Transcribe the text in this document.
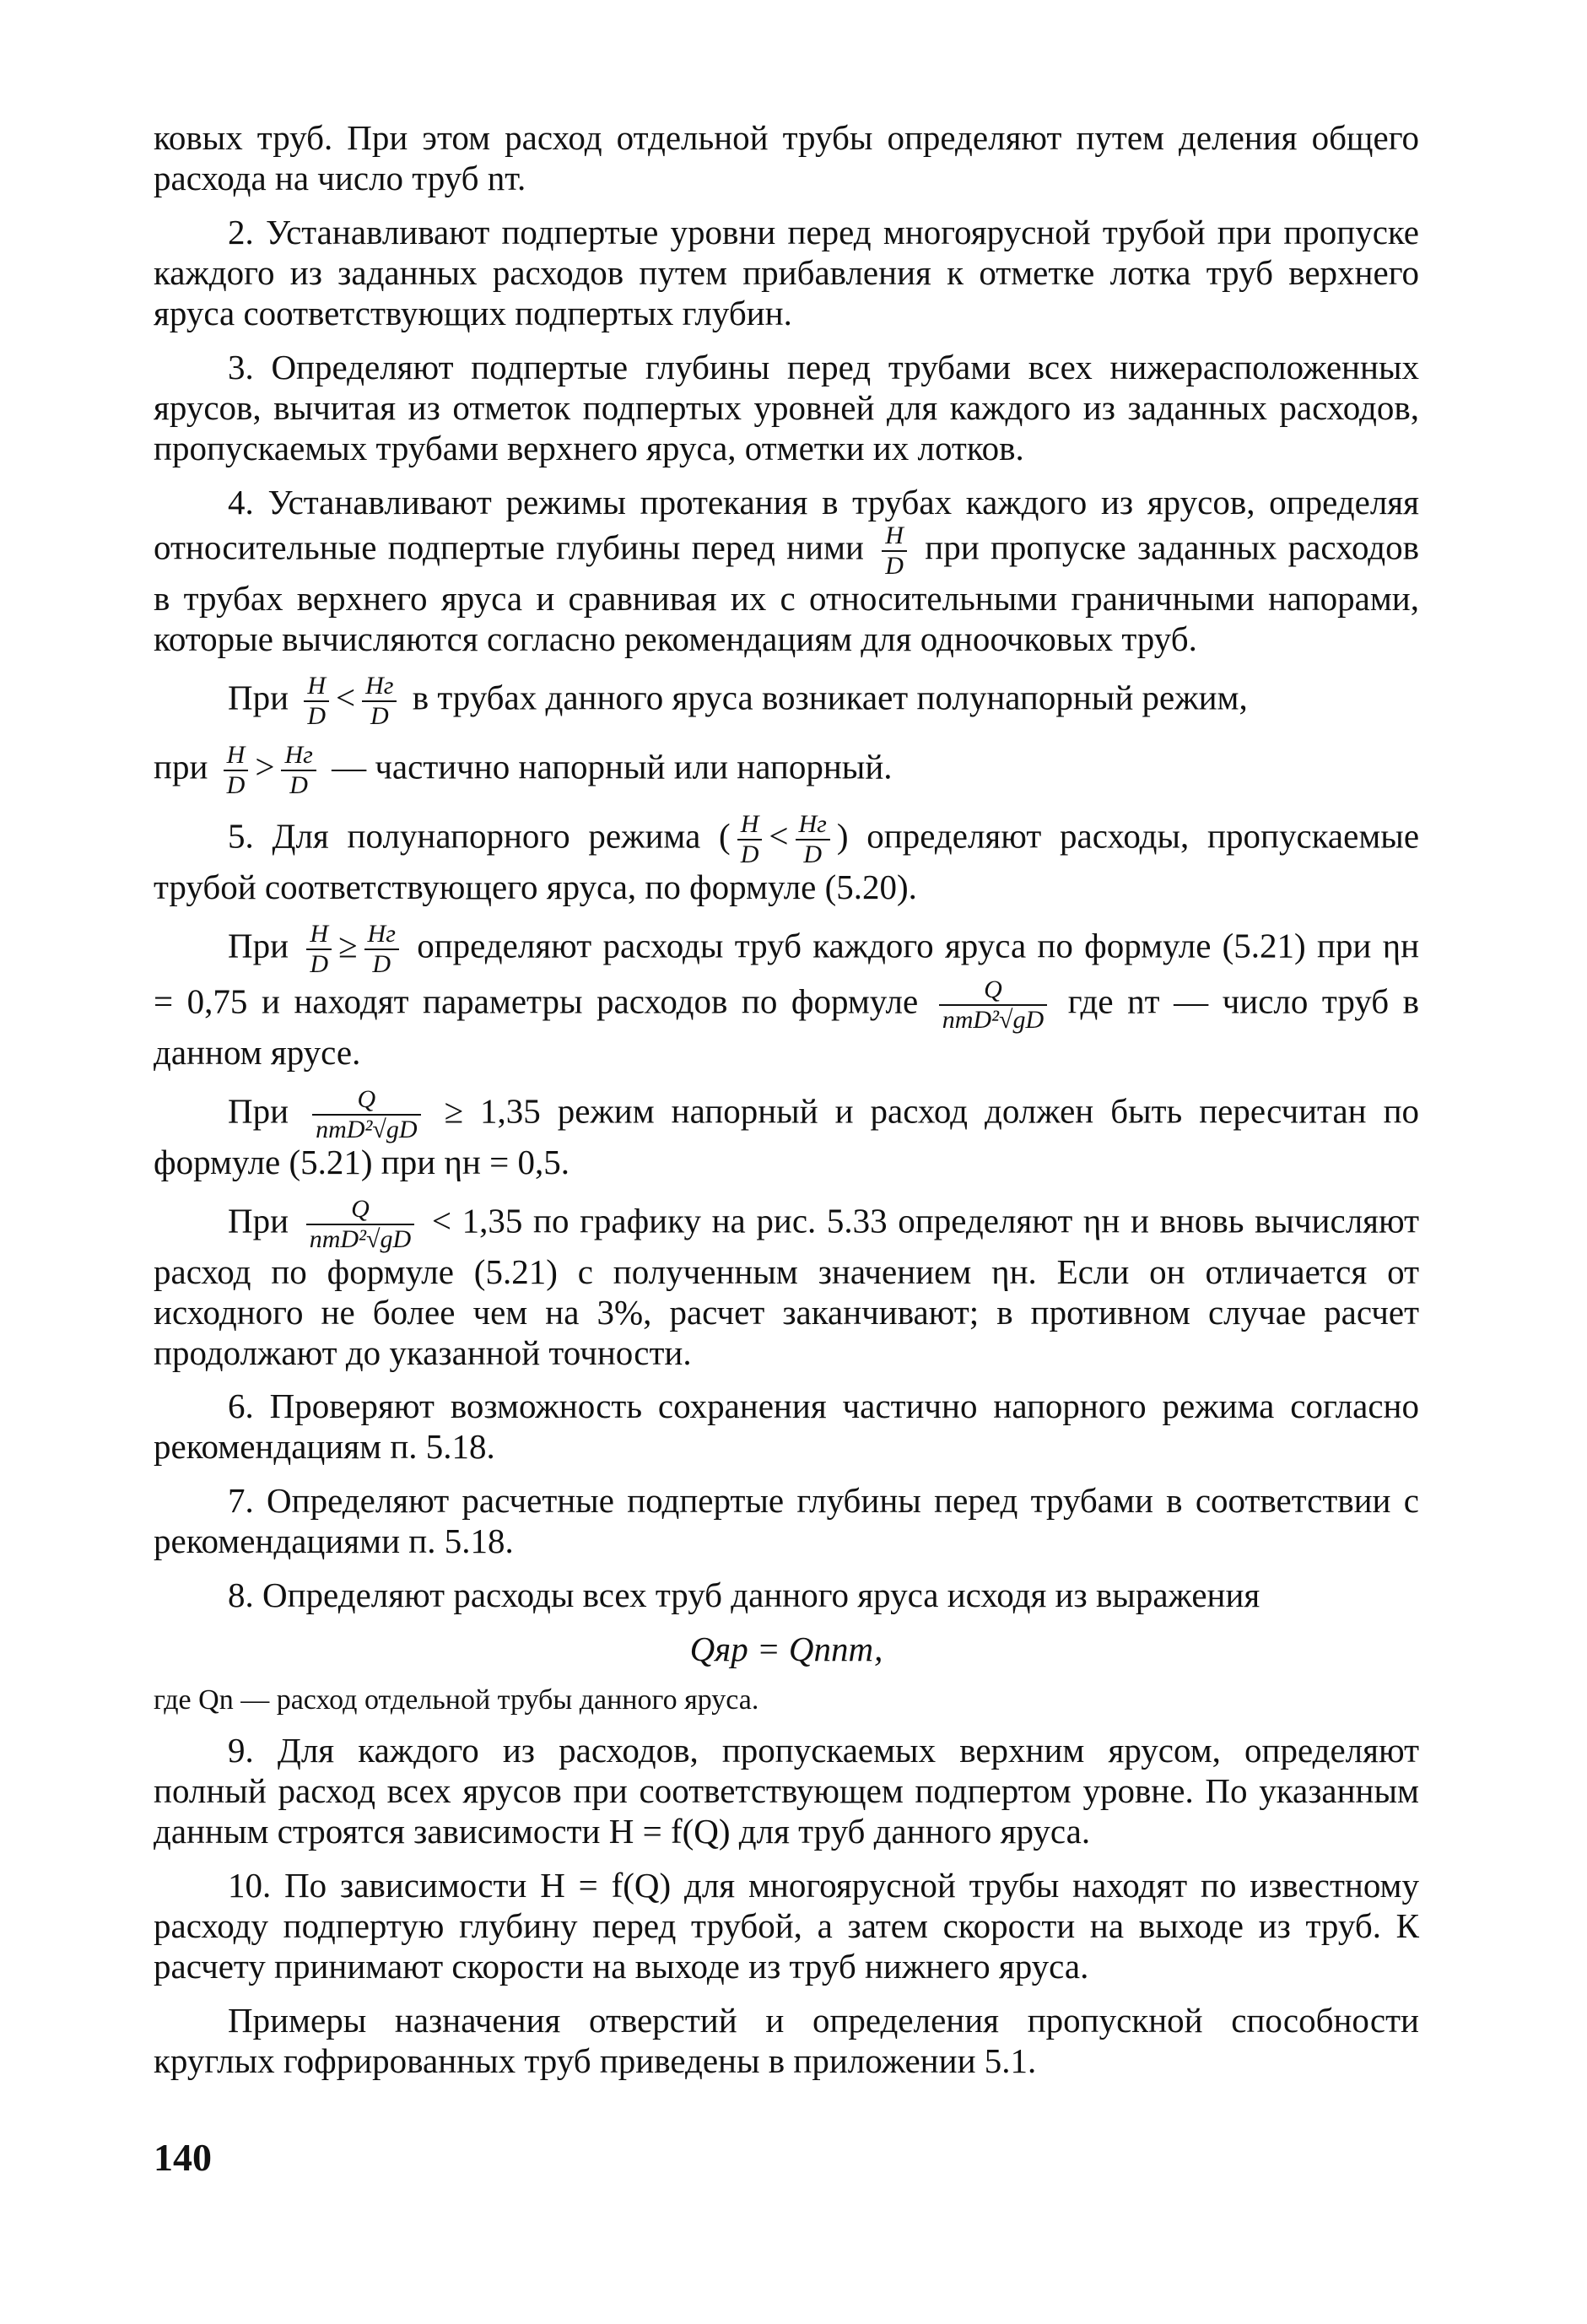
ковых труб. При этом расход отдельной трубы определяют путем деления общего расхода на число труб nт.

2. Устанавливают подпертые уровни перед многоярусной трубой при пропуске каждого из заданных расходов путем прибавления к отметке лотка труб верхнего яруса соответствующих подпертых глубин.

3. Определяют подпертые глубины перед трубами всех нижерасположенных ярусов, вычитая из отметок подпертых уровней для каждого из заданных расходов, пропускаемых трубами верхнего яруса, отметки их лотков.

4. Устанавливают режимы протекания в трубах каждого из ярусов, определяя относительные подпертые глубины перед ними $\frac{H}{D}$ при пропуске заданных расходов в трубах верхнего яруса и сравнивая их с относительными граничными напорами, которые вычисляются согласно рекомендациям для одноочковых труб.

При $\frac{H}{D} < \frac{Hг}{D}$ в трубах данного яруса возникает полунапорный режим,

при $\frac{H}{D} > \frac{Hг}{D}$ — частично напорный или напорный.

5. Для полунапорного режима ( $\frac{H}{D} < \frac{Hг}{D}$ ) определяют расходы, пропускаемые трубой соответствующего яруса, по формуле (5.20).

При $\frac{H}{D} \ge \frac{Hг}{D}$ определяют расходы труб каждого яруса по формуле (5.21) при ηн = 0,75 и находят параметры расходов по формуле $\frac{Q}{\text{nтD²√gD}}$ где nт — число труб в данном ярусе.

При $\frac{Q}{\text{nтD²√gD}} \ge 1,35$ режим напорный и расход должен быть пересчитан по формуле (5.21) при ηн = 0,5.

При $\frac{Q}{\text{nтD²√gD}} < 1,35$ по графику на рис. 5.33 определяют ηн и вновь вычисляют расход по формуле (5.21) с полученным значением ηн. Если он отличается от исходного не более чем на 3%, расчет заканчивают; в противном случае расчет продолжают до указанной точности.

6. Проверяют возможность сохранения частично напорного режима согласно рекомендациям п. 5.18.

7. Определяют расчетные подпертые глубины перед трубами в соответствии с рекомендациями п. 5.18.

8. Определяют расходы всех труб данного яруса исходя из выражения

Qяр = Qnnт,

где Qn — расход отдельной трубы данного яруса.

9. Для каждого из расходов, пропускаемых верхним ярусом, определяют полный расход всех ярусов при соответствующем подпертом уровне. По указанным данным строятся зависимости H = f(Q) для труб данного яруса.

10. По зависимости H = f(Q) для многоярусной трубы находят по известному расходу подпертую глубину перед трубой, а затем скорости на выходе из труб. К расчету принимают скорости на выходе из труб нижнего яруса.

Примеры назначения отверстий и определения пропускной способности круглых гофрированных труб приведены в приложении 5.1.

140
